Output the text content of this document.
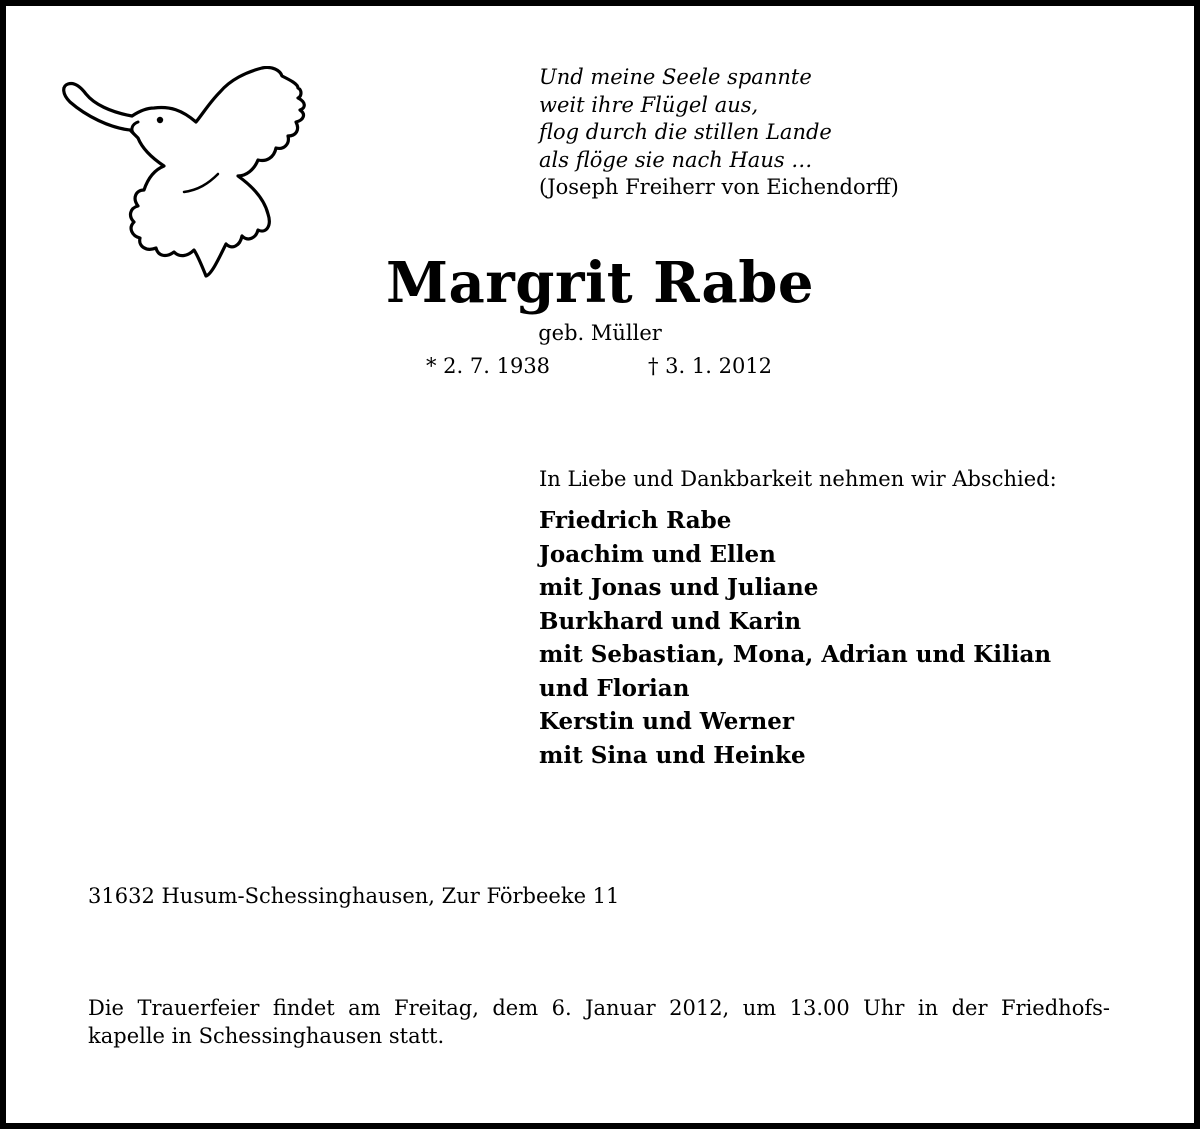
Und meine Seele spannte
weit ihre Flügel aus,
flog durch die stillen Lande
als flöge sie nach Haus …
(Joseph Freiherr von Eichendorff)
Margrit Rabe
geb. Müller
* 2. 7. 1938	† 3. 1. 2012
In Liebe und Dankbarkeit nehmen wir Abschied:
Friedrich Rabe
Joachim und Ellen
mit Jonas und Juliane
Burkhard und Karin
mit Sebastian, Mona, Adrian und Kilian
und Florian
Kerstin und Werner
mit Sina und Heinke
31632 Husum-Schessinghausen, Zur Förbeeke 11
Die Trauerfeier findet am Freitag, dem 6. Januar 2012, um 13.00 Uhr in der Friedhofs-
kapelle in Schessinghausen statt.
